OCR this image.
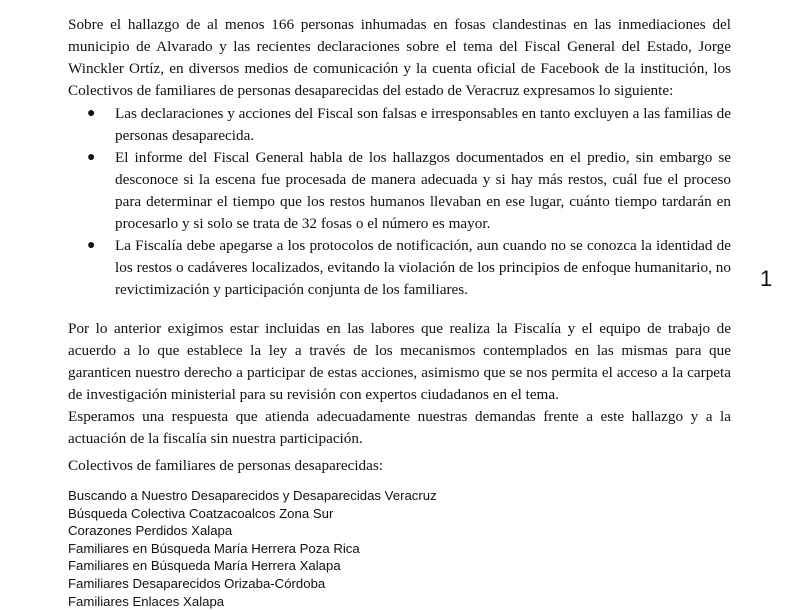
Sobre el hallazgo de al menos 166 personas inhumadas en fosas clandestinas en las inmediaciones del municipio de Alvarado y las recientes declaraciones sobre el tema del Fiscal General del Estado, Jorge Winckler Ortíz, en diversos medios de comunicación y la cuenta oficial de Facebook de la institución, los Colectivos de familiares de personas desaparecidas del estado de Veracruz expresamos lo siguiente:

● Las declaraciones y acciones del Fiscal son falsas e irresponsables en tanto excluyen a las familias de personas desaparecida.
● El informe del Fiscal General habla de los hallazgos documentados en el predio, sin embargo se desconoce si la escena fue procesada de manera adecuada y si hay más restos, cuál fue el proceso para determinar el tiempo que los restos humanos llevaban en ese lugar, cuánto tiempo tardarán en procesarlo y si solo se trata de 32 fosas o el número es mayor.
● La Fiscalía debe apegarse a los protocolos de notificación, aun cuando no se conozca la identidad de los restos o cadáveres localizados, evitando la violación de los principios de enfoque humanitario, no revictimización y participación conjunta de los familiares.	1

Por lo anterior exigimos estar incluidas en las labores que realiza la Fiscalía y el equipo de trabajo de acuerdo a lo que establece la ley a través de los mecanismos contemplados en las mismas para que garanticen nuestro derecho a participar de estas acciones, asimismo que se nos permita el acceso a la carpeta de investigación ministerial para su revisión con expertos ciudadanos en el tema.

Esperamos una respuesta que atienda adecuadamente nuestras demandas frente a este hallazgo y a la actuación de la fiscalía sin nuestra participación.

Colectivos de familiares de personas desaparecidas:

Buscando a Nuestro Desaparecidos y Desaparecidas Veracruz
Búsqueda Colectiva Coatzacoalcos Zona Sur
Corazones Perdidos Xalapa
Familiares en Búsqueda María Herrera Poza Rica
Familiares en Búsqueda María Herrera Xalapa
Familiares Desaparecidos Orizaba-Córdoba
Familiares Enlaces Xalapa
